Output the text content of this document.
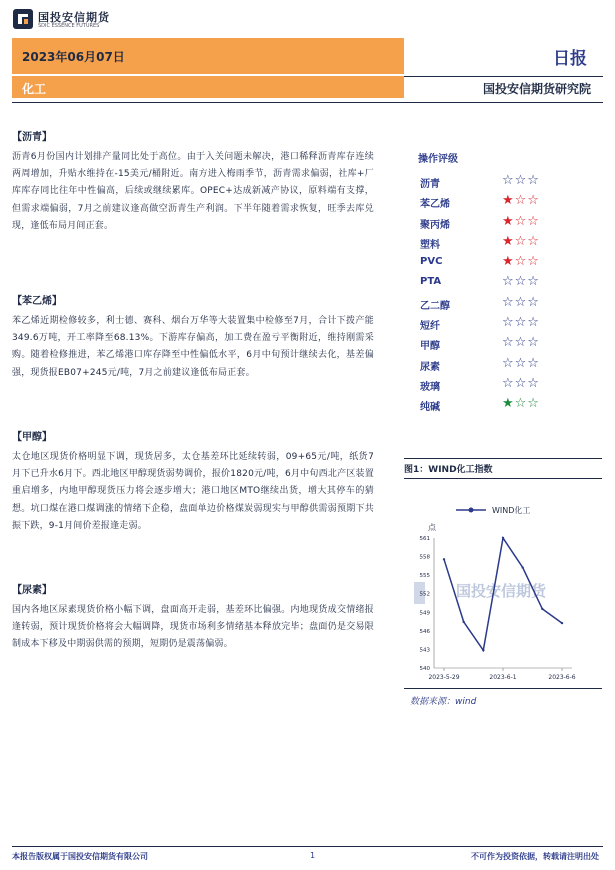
国投安信期货
SDIC ESSENCE FUTURES
2023年06月07日
化工
日报
国投安信期货研究院
【沥青】
沥青6月份国内计划排产量同比处于高位。由于入关问题未解决，港口稀释沥青库存连续两周增加，升贴水维持在-15美元/桶附近。南方进入梅雨季节，沥青需求偏弱，社库+厂库库存同比往年中性偏高，后续或继续累库。OPEC+达成新减产协议，原料端有支撑，但需求端偏弱，7月之前建议逢高做空沥青生产利润。下半年随着需求恢复，旺季去库兑现，逢低布局月间正套。
【苯乙烯】
苯乙烯近期检修较多，利士德、赛科、烟台万华等大装置集中检修至7月，合计下拨产能349.6万吨，开工率降至68.13%。下游库存偏高，加工费在盈亏平衡附近，维持刚需采购。随着检修推进，苯乙烯港口库存降至中性偏低水平，6月中旬预计继续去化，基差偏强，现货报EB07+245元/吨，7月之前建议逢低布局正套。
【甲醇】
太仓地区现货价格明显下调，现货居多，太仓基差环比延续转弱，09+65元/吨，纸货7月下已升水6月下。西北地区甲醇现货弱势调价，报价1820元/吨，6月中旬西北产区装置重启增多，内地甲醇现货压力将会逐步增大；港口地区MTO继续出货，增大其停车的猜想。坑口煤在港口煤调涨的情绪下企稳，盘面单边价格煤炭弱现实与甲醇供需弱预期下共振下跌，9-1月间价差报逢走弱。
【尿素】
国内各地区尿素现货价格小幅下调，盘面高开走弱，基差环比偏强。内地现货成交情绪报逢转弱，预计现货价格将会大幅调降，现货市场利多情绪基本释放完毕；盘面仍是交易限制成本下移及中期弱供需的预期，短期仍是震荡偏弱。
操作评级
沥青	☆☆☆
苯乙烯	★☆☆
聚丙烯	★☆☆
塑料	★☆☆
PVC	★☆☆
PTA	☆☆☆
乙二醇	☆☆☆
短纤	☆☆☆
甲醇	☆☆☆
尿素	☆☆☆
玻璃	☆☆☆
纯碱	★☆☆
图1：WIND化工指数
国投安信期货
WIND化工
点
540
543
546
549
552
555
558
561
2023-5-29	2023-6-1	2023-6-6
数据来源：wind
本报告版权属于国投安信期货有限公司	1	不可作为投资依据，转载请注明出处
